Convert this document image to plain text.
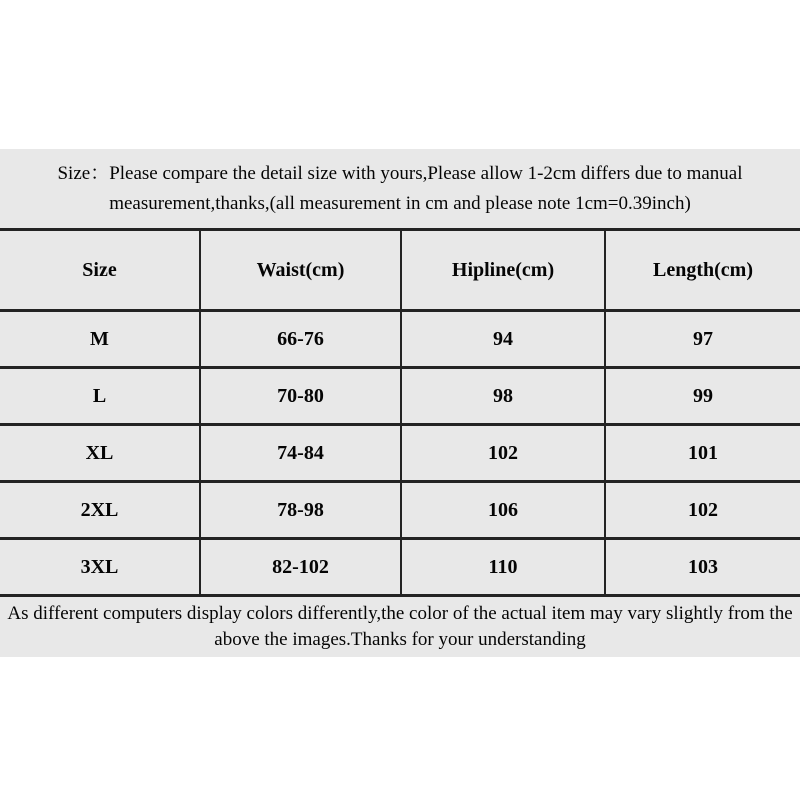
Size：Please compare the detail size with yours,Please allow 1-2cm differs due to manual measurement,thanks,(all measurement in cm and please note 1cm=0.39inch)

Size	Waist(cm)	Hipline(cm)	Length(cm)
M	66-76	94	97
L	70-80	98	99
XL	74-84	102	101
2XL	78-98	106	102
3XL	82-102	110	103

As different computers display colors differently,the color of the actual item may vary slightly from the above the images.Thanks for your understanding
